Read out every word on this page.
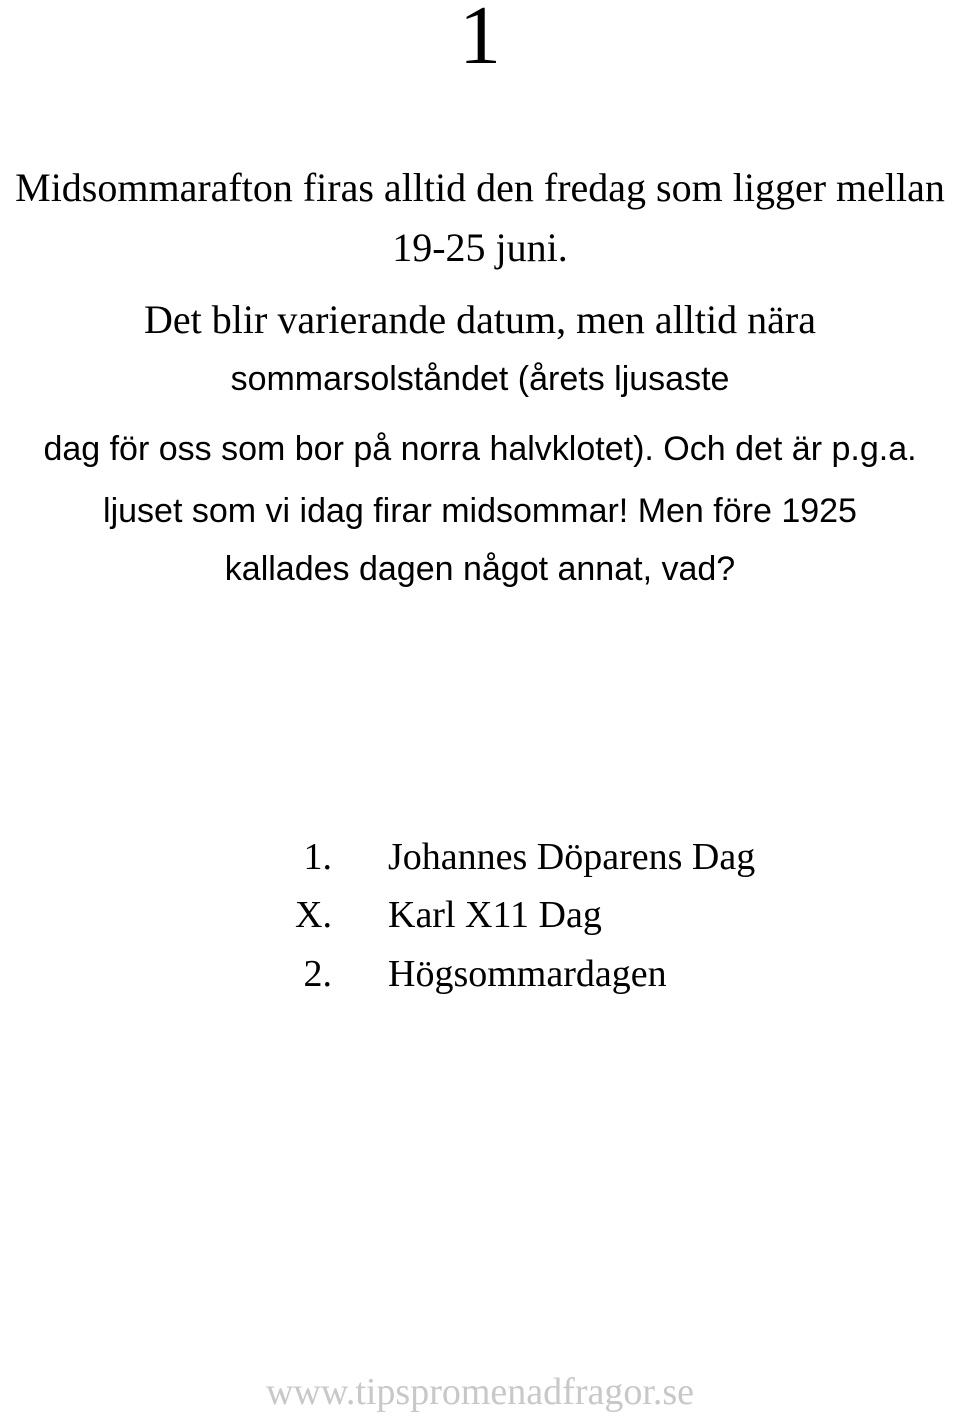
1
Midsommarafton firas alltid den fredag som ligger mellan
19-25 juni.
Det blir varierande datum, men alltid nära
sommarsolståndet (årets ljusaste
dag för oss som bor på norra halvklotet). Och det är p.g.a.
ljuset som vi idag firar midsommar! Men före 1925
kallades dagen något annat, vad?
1. Johannes Döparens Dag
X. Karl X11 Dag
2. Högsommardagen
www.tipspromenadfragor.se
